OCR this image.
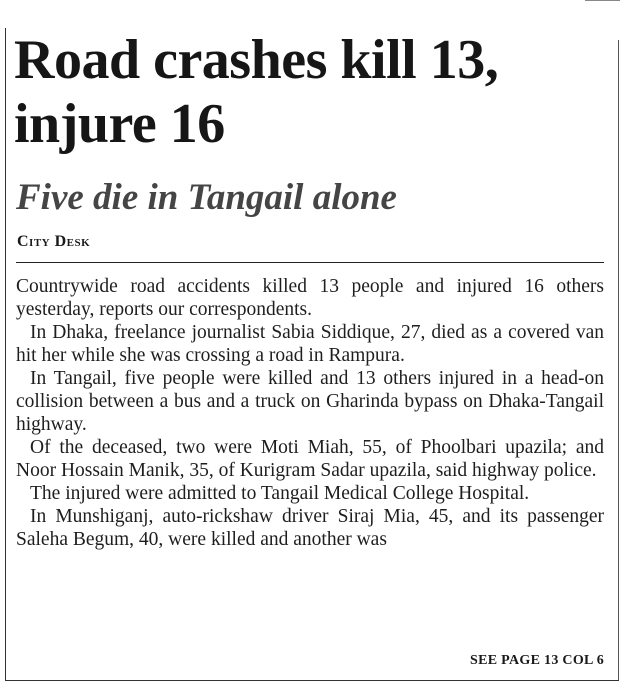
Road crashes kill 13, injure 16
Five die in Tangail alone
City Desk

Countrywide road accidents killed 13 people and injured 16 others yesterday, reports our correspondents.

In Dhaka, freelance journalist Sabia Siddique, 27, died as a covered van hit her while she was crossing a road in Rampura.

In Tangail, five people were killed and 13 others injured in a head-on collision between a bus and a truck on Gharinda bypass on Dhaka-Tangail highway.

Of the deceased, two were Moti Miah, 55, of Phoolbari upazila; and Noor Hossain Manik, 35, of Kurigram Sadar upazila, said highway police.

The injured were admitted to Tangail Medical College Hospital.

In Munshiganj, auto-rickshaw driver Siraj Mia, 45, and its passenger Saleha Begum, 40, were killed and another was

SEE PAGE 13 COL 6
